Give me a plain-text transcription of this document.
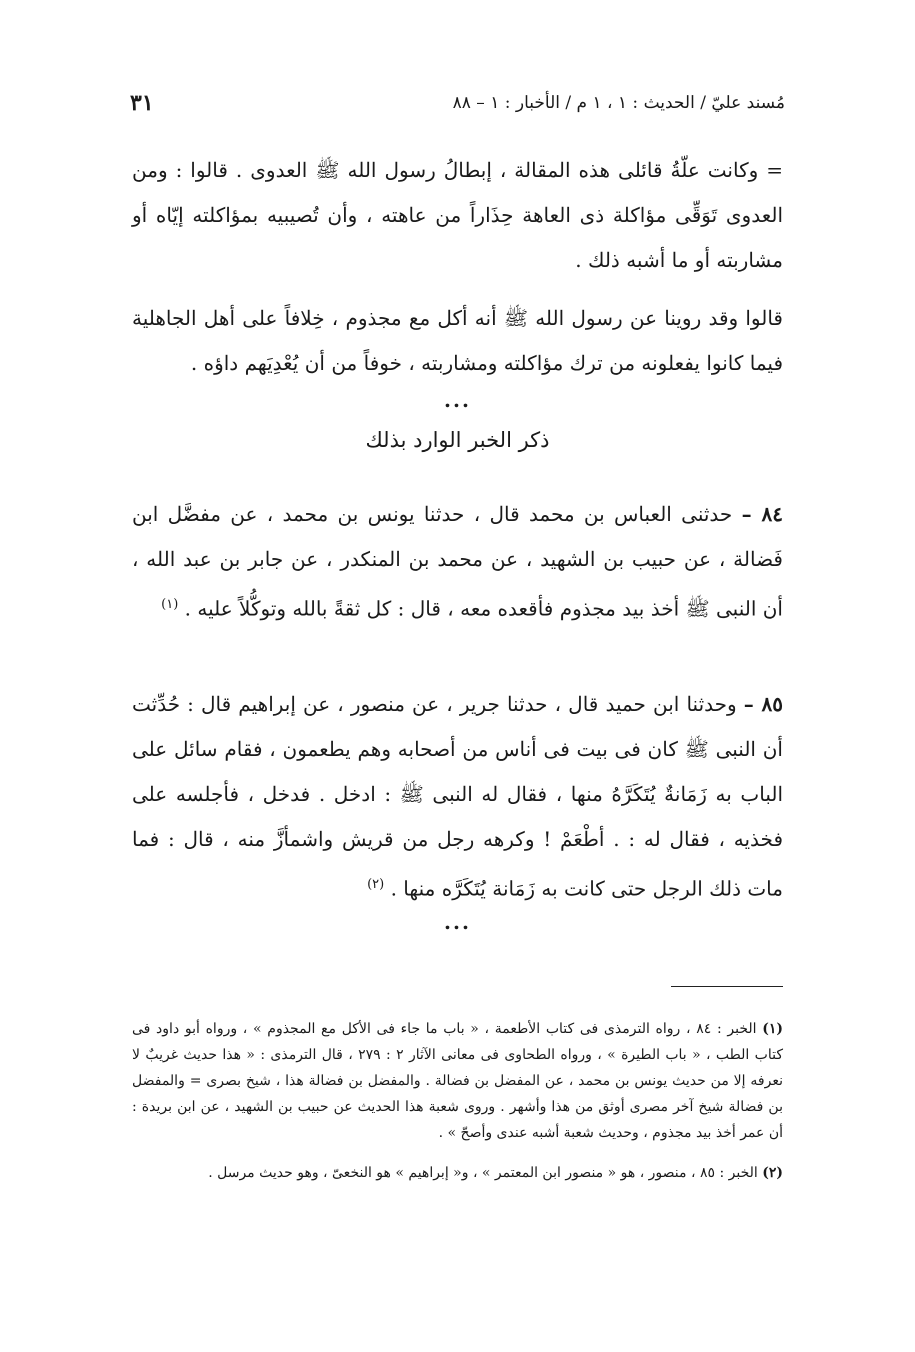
مُسند عليّ / الحديث : ١ ، ١ م / الأخبار : ١ – ٨٨
٣١

= وكانت علّةُ قائلى هذه المقالة ، إبطالُ رسول الله ﷺ العدوى . قالوا : ومن العدوى تَوَقِّى مؤاكلة ذى العاهة حِذَاراً من عاهته ، وأن تُصيبيه بمؤاكلته إيّاه أو مشاربته أو ما أشبه ذلك .

قالوا وقد روينا عن رسول الله ﷺ أنه أكل مع مجذوم ، خِلافاً على أهل الجاهلية فيما كانوا يفعلونه من ترك مؤاكلته ومشاربته ، خوفاً من أن يُعْدِيَهم داؤه .

...
ذكر الخبر الوارد بذلك

٨٤ – حدثنى العباس بن محمد قال ، حدثنا يونس بن محمد ، عن مفضَّل ابن فَضالة ، عن حبيب بن الشهيد ، عن محمد بن المنكدر ، عن جابر بن عبد الله ، أن النبى ﷺ أخذ بيد مجذوم فأقعده معه ، قال : كل ثقةً بالله وتوكُّلاً عليه . $^{(١)}$

٨٥ – وحدثنا ابن حميد قال ، حدثنا جرير ، عن منصور ، عن إبراهيم قال : حُدِّثت أن النبى ﷺ كان فى بيت فى أناس من أصحابه وهم يطعمون ، فقام سائل على الباب به زَمَانةٌ يُتَكَرَّهُ منها ، فقال له النبى ﷺ : ادخل . فدخل ، فأجلسه على فخذيه ، فقال له : . أطْعَمْ ! وكرهه رجل من قريش واشمأزَّ منه ، قال : فما مات ذلك الرجل حتى كانت به زَمَانة يُتَكَرَّه منها . $^{(٢)}$

...

(١) الخبر : ٨٤ ، رواه الترمذى فى كتاب الأطعمة ، « باب ما جاء فى الأكل مع المجذوم » ، ورواه أبو داود فى كتاب الطب ، « باب الطيرة » ، ورواه الطحاوى فى معانى الآثار ٢ : ٢٧٩ ، قال الترمذى : « هذا حديث غريبٌ لا نعرفه إلا من حديث يونس بن محمد ، عن المفضل بن فضالة . والمفضل بن فضالة هذا ، شيخ بصرى = والمفضل بن فضالة شيخ آخر مصرى أوثق من هذا وأشهر . وروى شعبة هذا الحديث عن حبيب بن الشهيد ، عن ابن بريدة : أن عمر أخذ بيد مجذوم ، وحديث شعبة أشبه عندى وأصحّ » .

(٢) الخبر : ٨٥ ، منصور ، هو « منصور ابن المعتمر » ، و« إبراهيم » هو النخعىّ ، وهو حديث مرسل .
